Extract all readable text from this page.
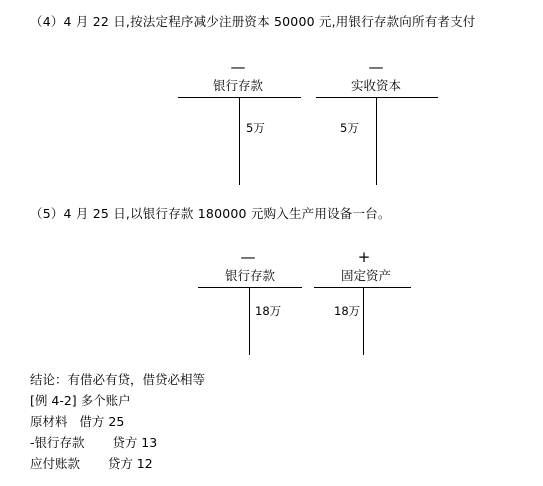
（4）4 月 22 日,按法定程序减少注册资本 50000 元,用银行存款向所有者支付
—
银行存款
5万
—
实收资本
5万
（5）4 月 25 日,以银行存款 180000 元购入生产用设备一台。
—
银行存款
18万
+
固定资产
18万
结论：有借必有贷，借贷必相等
[例 4-2] 多个账户
原材料   借方 25
-银行存款       贷方 13
应付账款       贷方 12
